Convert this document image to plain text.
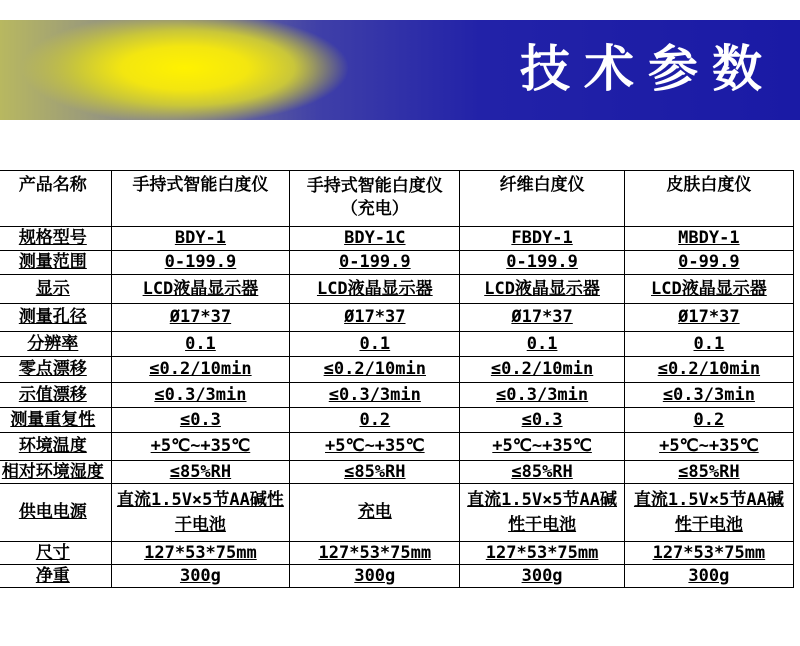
技术参数
产品名称	手持式智能白度仪	手持式智能白度仪（充电）	纤维白度仪	皮肤白度仪
规格型号	BDY-1	BDY-1C	FBDY-1	MBDY-1
测量范围	0-199.9	0-199.9	0-199.9	0-99.9
显示	LCD液晶显示器	LCD液晶显示器	LCD液晶显示器	LCD液晶显示器
测量孔径	Ø17*37	Ø17*37	Ø17*37	Ø17*37
分辨率	0.1	0.1	0.1	0.1
零点漂移	≤0.2/10min	≤0.2/10min	≤0.2/10min	≤0.2/10min
示值漂移	≤0.3/3min	≤0.3/3min	≤0.3/3min	≤0.3/3min
测量重复性	≤0.3	0.2	≤0.3	0.2
环境温度	+5℃~+35℃	+5℃~+35℃	+5℃~+35℃	+5℃~+35℃
相对环境湿度	≤85%RH	≤85%RH	≤85%RH	≤85%RH
供电电源	直流1.5V×5节AA碱性干电池	充电	直流1.5V×5节AA碱性干电池	直流1.5V×5节AA碱性干电池
尺寸	127*53*75mm	127*53*75mm	127*53*75mm	127*53*75mm
净重	300g	300g	300g	300g
